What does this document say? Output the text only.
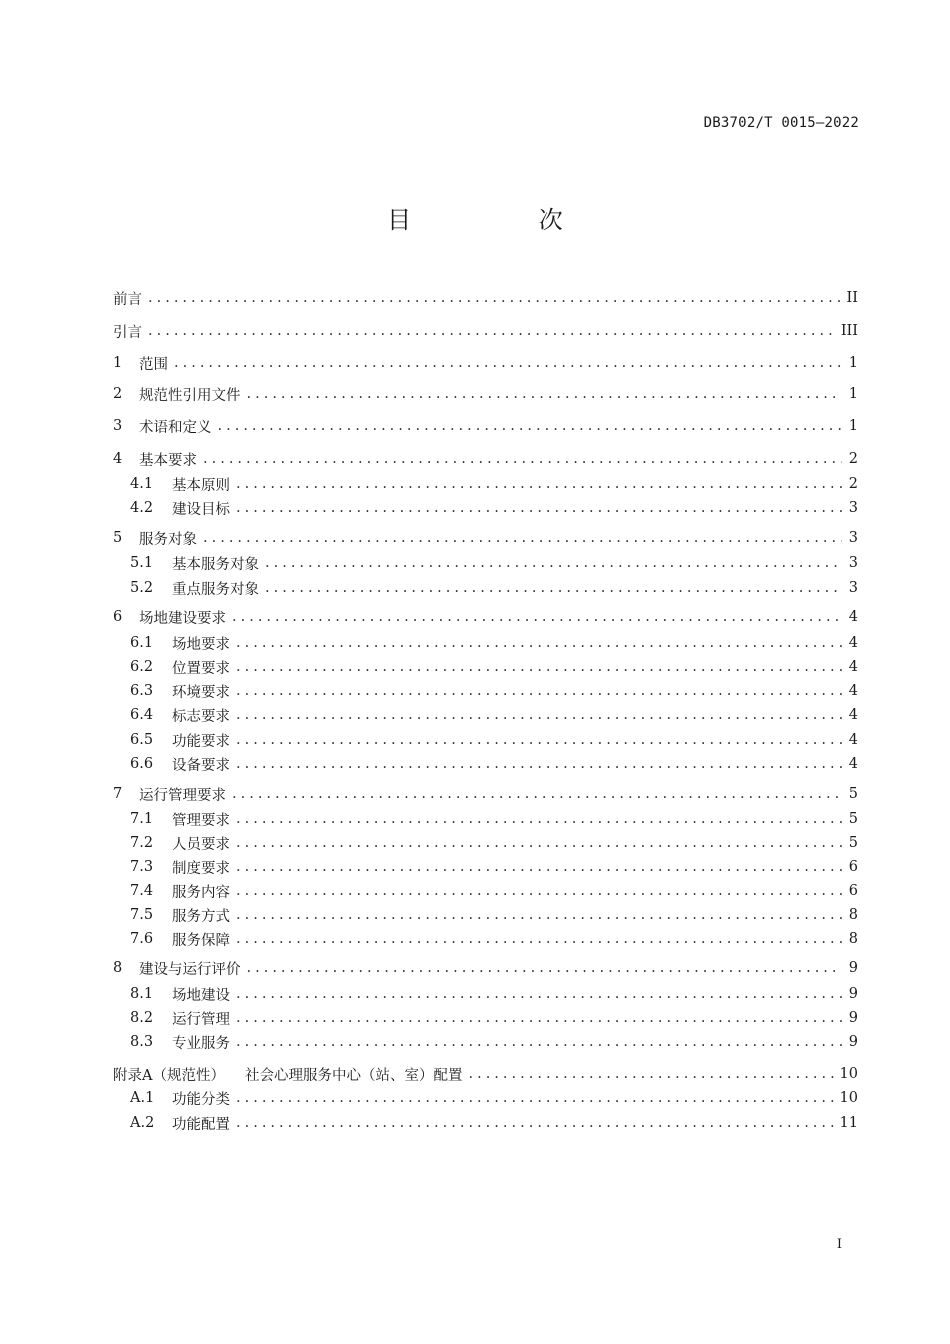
DB3702/T 0015—2022
目 次
前言 .....	II
引言 .....	III
1	范围 .....	1
2	规范性引用文件 .....	1
3	术语和定义 .....	1
4	基本要求 .....	2
4.1	基本原则 .....	2
4.2	建设目标 .....	3
5	服务对象 .....	3
5.1	基本服务对象 .....	3
5.2	重点服务对象 .....	3
6	场地建设要求 .....	4
6.1	场地要求 .....	4
6.2	位置要求 .....	4
6.3	环境要求 .....	4
6.4	标志要求 .....	4
6.5	功能要求 .....	4
6.6	设备要求 .....	4
7	运行管理要求 .....	5
7.1	管理要求 .....	5
7.2	人员要求 .....	5
7.3	制度要求 .....	6
7.4	服务内容 .....	6
7.5	服务方式 .....	8
7.6	服务保障 .....	8
8	建设与运行评价 .....	9
8.1	场地建设 .....	9
8.2	运行管理 .....	9
8.3	专业服务 .....	9
附录A（规范性） 社会心理服务中心（站、室）配置 .....	10
A.1	功能分类 .....	10
A.2	功能配置 .....	11
I
